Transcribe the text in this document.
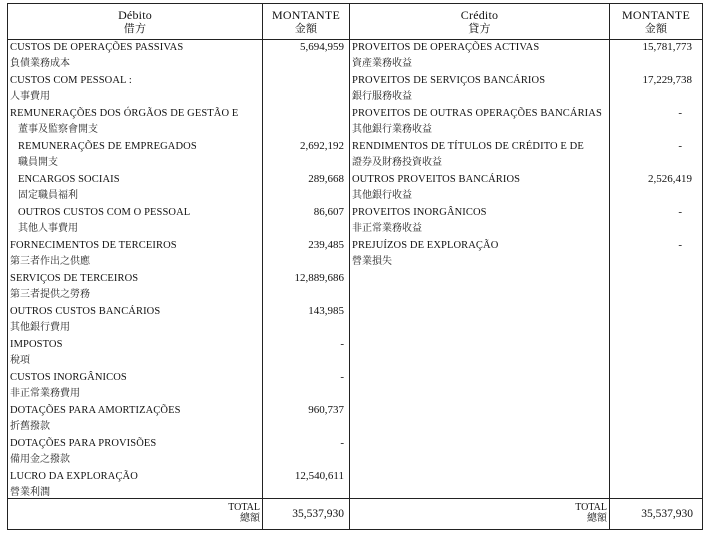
Débito
借方
MONTANTE
金額
Crédito
貸方
MONTANTE
金額
CUSTOS DE OPERAÇÕES PASSIVAS
負債業務成本
5,694,959
CUSTOS COM PESSOAL :
人事費用
REMUNERAÇÕES DOS ÓRGÃOS DE GESTÃO E
董事及監察會開支
REMUNERAÇÕES DE EMPREGADOS
職員開支
2,692,192
ENCARGOS SOCIAIS
固定職員福利
289,668
OUTROS CUSTOS COM O PESSOAL
其他人事費用
86,607
FORNECIMENTOS DE TERCEIROS
第三者作出之供應
239,485
SERVIÇOS DE TERCEIROS
第三者提供之勞務
12,889,686
OUTROS CUSTOS BANCÁRIOS
其他銀行費用
143,985
IMPOSTOS
稅項
-
CUSTOS INORGÂNICOS
非正常業務費用
-
DOTAÇÕES PARA AMORTIZAÇÕES
折舊撥款
960,737
DOTAÇÕES PARA PROVISÕES
備用金之撥款
-
LUCRO DA EXPLORAÇÃO
營業利潤
12,540,611
PROVEITOS DE OPERAÇÕES ACTIVAS
資產業務收益
15,781,773
PROVEITOS DE SERVIÇOS BANCÁRIOS
銀行服務收益
17,229,738
PROVEITOS DE OUTRAS OPERAÇÕES BANCÁRIAS
其他銀行業務收益
-
RENDIMENTOS DE TÍTULOS DE CRÉDITO E DE
證券及財務投資收益
-
OUTROS PROVEITOS BANCÁRIOS
其他銀行收益
2,526,419
PROVEITOS INORGÂNICOS
非正常業務收益
-
PREJUÍZOS DE EXPLORAÇÃO
營業損失
-
TOTAL
總額	35,537,930
TOTAL
總額	35,537,930
